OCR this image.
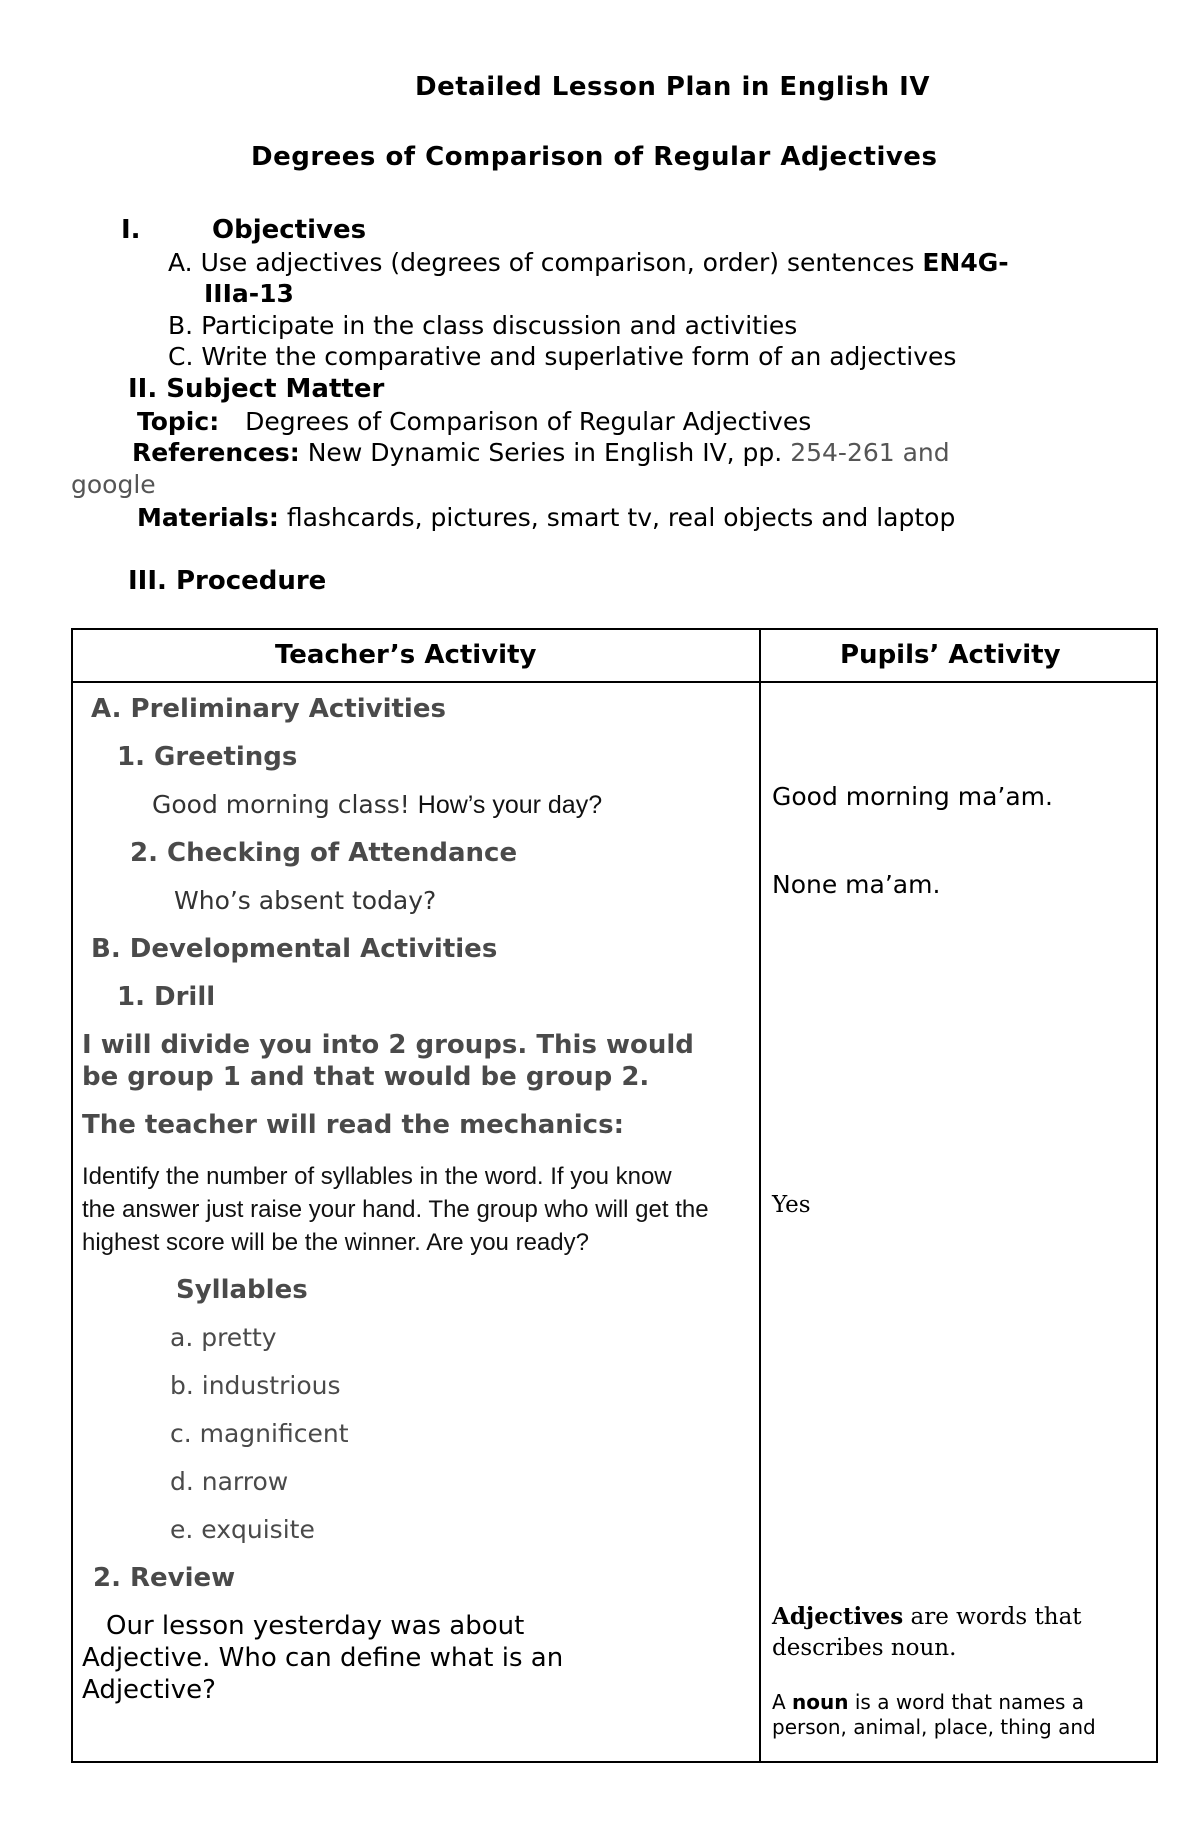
Detailed Lesson Plan in English IV
Degrees of Comparison of Regular Adjectives
I.	Objectives
A. Use adjectives (degrees of comparison, order) sentences EN4G-
IIIa-13
B. Participate in the class discussion and activities
C. Write the comparative and superlative form of an adjectives
II. Subject Matter
Topic: Degrees of Comparison of Regular Adjectives
References: New Dynamic Series in English IV, pp. 254-261 and
google
Materials: flashcards, pictures, smart tv, real objects and laptop
III. Procedure
Teacher’s Activity	Pupils’ Activity
A. Preliminary Activities
1. Greetings
Good morning class! How’s your day?
2. Checking of Attendance
Who’s absent today?
B. Developmental Activities
1. Drill
I will divide you into 2 groups. This would
be group 1 and that would be group 2.
The teacher will read the mechanics:
Identify the number of syllables in the word. If you know
the answer just raise your hand. The group who will get the
highest score will be the winner. Are you ready?
Syllables
a. pretty
b. industrious
c. magnificent
d. narrow
e. exquisite
2. Review
Our lesson yesterday was about
Adjective. Who can define what is an
Adjective?
Good morning ma’am.
None ma’am.
Yes
Adjectives are words that
describes noun.
A noun is a word that names a
person, animal, place, thing and
